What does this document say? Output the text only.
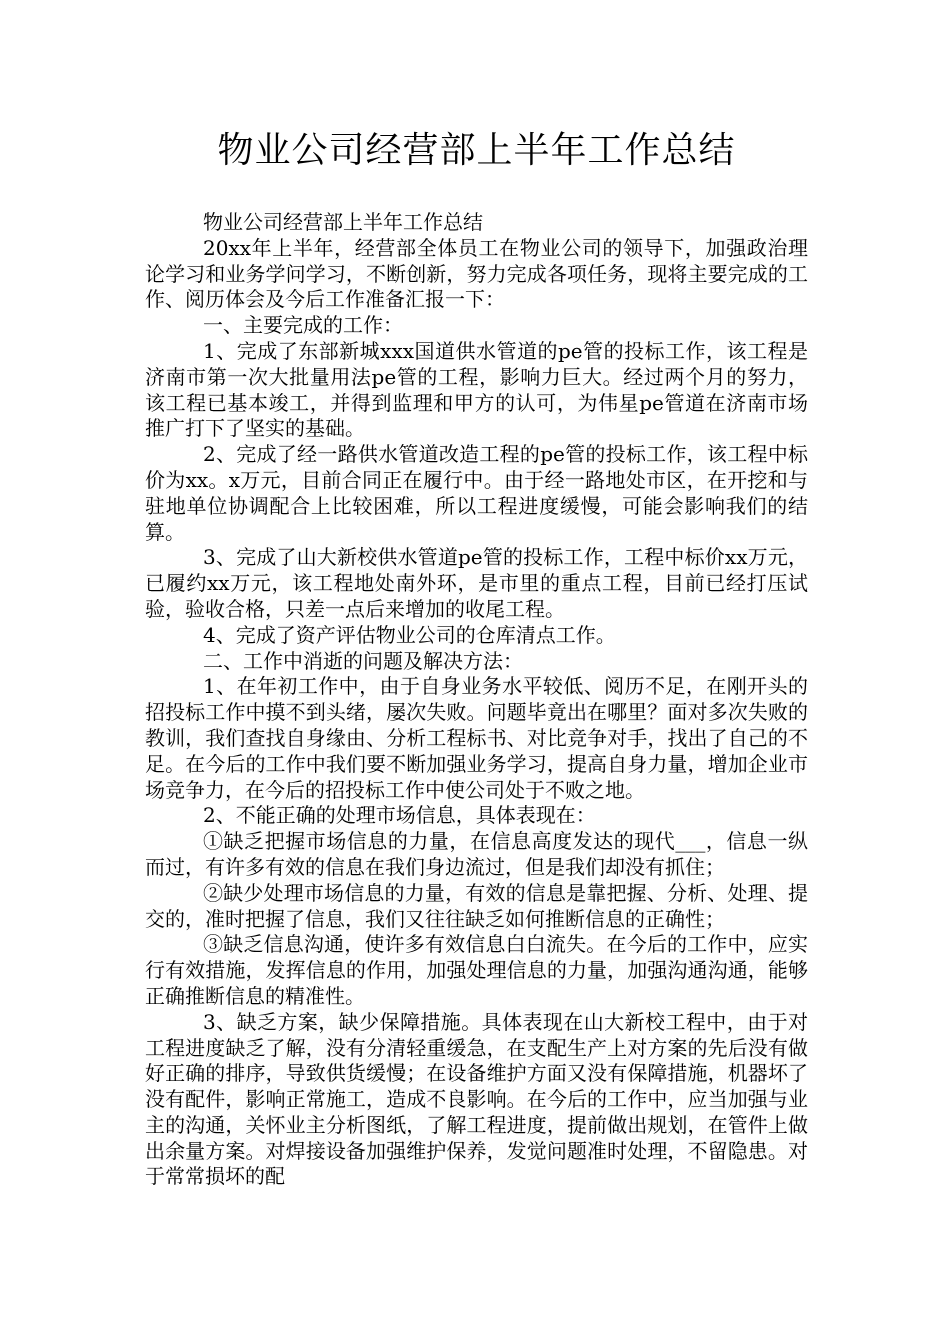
物业公司经营部上半年工作总结

物业公司经营部上半年工作总结

20xx年上半年，经营部全体员工在物业公司的领导下，加强政治理论学习和业务学问学习，不断创新，努力完成各项任务，现将主要完成的工作、阅历体会及今后工作准备汇报一下：

一、主要完成的工作：

1、完成了东部新城xxx国道供水管道的pe管的投标工作，该工程是济南市第一次大批量用法pe管的工程，影响力巨大。经过两个月的努力，该工程已基本竣工，并得到监理和甲方的认可，为伟星pe管道在济南市场推广打下了坚实的基础。

2、完成了经一路供水管道改造工程的pe管的投标工作，该工程中标价为xx。x万元，目前合同正在履行中。由于经一路地处市区，在开挖和与驻地单位协调配合上比较困难，所以工程进度缓慢，可能会影响我们的结算。

3、完成了山大新校供水管道pe管的投标工作，工程中标价xx万元，已履约xx万元，该工程地处南外环，是市里的重点工程，目前已经打压试验，验收合格，只差一点后来增加的收尾工程。

4、完成了资产评估物业公司的仓库清点工作。

二、工作中消逝的问题及解决方法：

1、在年初工作中，由于自身业务水平较低、阅历不足，在刚开头的招投标工作中摸不到头绪，屡次失败。问题毕竟出在哪里？面对多次失败的教训，我们查找自身缘由、分析工程标书、对比竞争对手，找出了自己的不足。在今后的工作中我们要不断加强业务学习，提高自身力量，增加企业市场竞争力，在今后的招投标工作中使公司处于不败之地。

2、不能正确的处理市场信息，具体表现在：

①缺乏把握市场信息的力量，在信息高度发达的现代___，信息一纵而过，有许多有效的信息在我们身边流过，但是我们却没有抓住；

②缺少处理市场信息的力量，有效的信息是靠把握、分析、处理、提交的，准时把握了信息，我们又往往缺乏如何推断信息的正确性；

③缺乏信息沟通，使许多有效信息白白流失。在今后的工作中，应实行有效措施，发挥信息的作用，加强处理信息的力量，加强沟通沟通，能够正确推断信息的精准性。

3、缺乏方案，缺少保障措施。具体表现在山大新校工程中，由于对工程进度缺乏了解，没有分清轻重缓急，在支配生产上对方案的先后没有做好正确的排序，导致供货缓慢；在设备维护方面又没有保障措施，机器坏了没有配件，影响正常施工，造成不良影响。在今后的工作中，应当加强与业主的沟通，关怀业主分析图纸，了解工程进度，提前做出规划，在管件上做出余量方案。对焊接设备加强维护保养，发觉问题准时处理，不留隐患。对于常常损坏的配
